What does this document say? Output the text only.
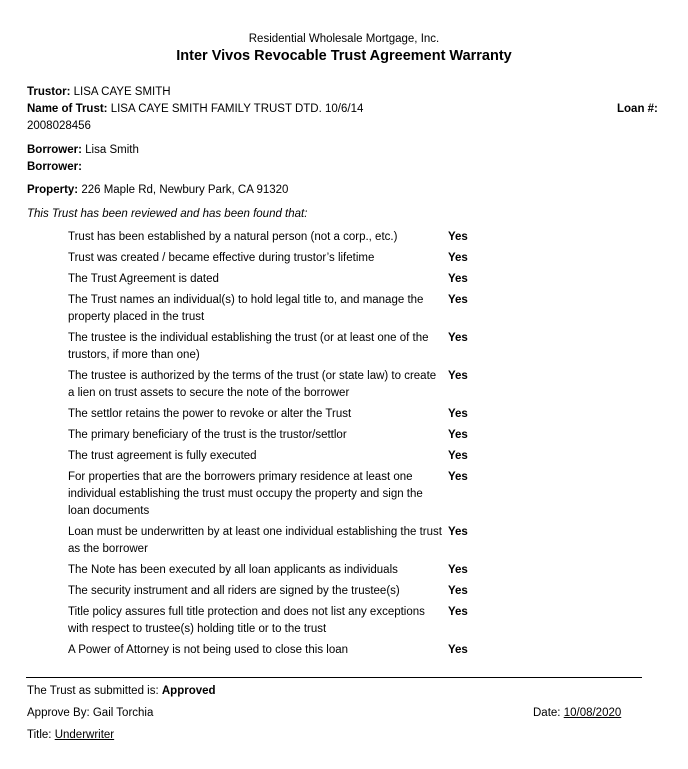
Residential Wholesale Mortgage, Inc.
Inter Vivos Revocable Trust Agreement Warranty
Trustor: LISA CAYE SMITH
Name of Trust: LISA CAYE SMITH FAMILY TRUST DTD. 10/6/14	Loan #:
2008028456
Borrower: Lisa Smith
Borrower:
Property: 226 Maple Rd, Newbury Park, CA 91320
This Trust has been reviewed and has been found that:
Trust has been established by a natural person (not a corp., etc.)	Yes
Trust was created / became effective during trustor’s lifetime	Yes
The Trust Agreement is dated	Yes
The Trust names an individual(s) to hold legal title to, and manage the property placed in the trust
Yes
The trustee is the individual establishing the trust (or at least one of the trustors, if more than one)
Yes
The trustee is authorized by the terms of the trust (or state law) to create a lien on trust assets to secure the note of the borrower
Yes
The settlor retains the power to revoke or alter the Trust	Yes
The primary beneficiary of the trust is the trustor/settlor	Yes
The trust agreement is fully executed	Yes
For properties that are the borrowers primary residence at least one individual establishing the trust must occupy the property and sign the loan documents
Yes
Loan must be underwritten by at least one individual establishing the trust as the borrower
Yes
The Note has been executed by all loan applicants as individuals	Yes
The security instrument and all riders are signed by the trustee(s)	Yes
Title policy assures full title protection and does not list any exceptions with respect to trustee(s) holding title or to the trust
Yes
A Power of Attorney is not being used to close this loan	Yes
The Trust as submitted is: Approved
Approve By: Gail Torchia	Date: 10/08/2020
Title: Underwriter
